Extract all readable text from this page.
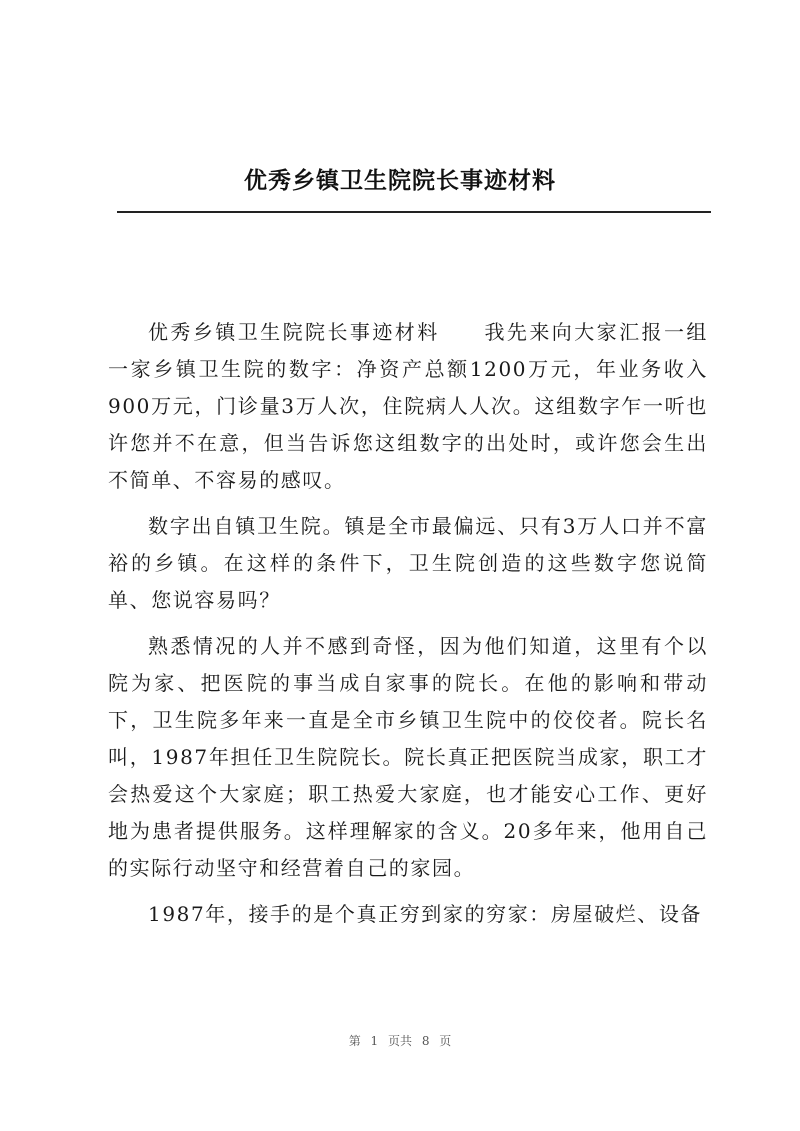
优秀乡镇卫生院院长事迹材料

优秀乡镇卫生院院长事迹材料　　我先来向大家汇报一组一家乡镇卫生院的数字：净资产总额1200万元，年业务收入900万元，门诊量3万人次，住院病人人次。这组数字乍一听也许您并不在意，但当告诉您这组数字的出处时，或许您会生出不简单、不容易的感叹。

数字出自镇卫生院。镇是全市最偏远、只有3万人口并不富裕的乡镇。在这样的条件下，卫生院创造的这些数字您说简单、您说容易吗？

熟悉情况的人并不感到奇怪，因为他们知道，这里有个以院为家、把医院的事当成自家事的院长。在他的影响和带动下，卫生院多年来一直是全市乡镇卫生院中的佼佼者。院长名叫，1987年担任卫生院院长。院长真正把医院当成家，职工才会热爱这个大家庭；职工热爱大家庭，也才能安心工作、更好地为患者提供服务。这样理解家的含义。20多年来，他用自己的实际行动坚守和经营着自己的家园。

1987年，接手的是个真正穷到家的穷家：房屋破烂、设备

第 1 页共 8 页
